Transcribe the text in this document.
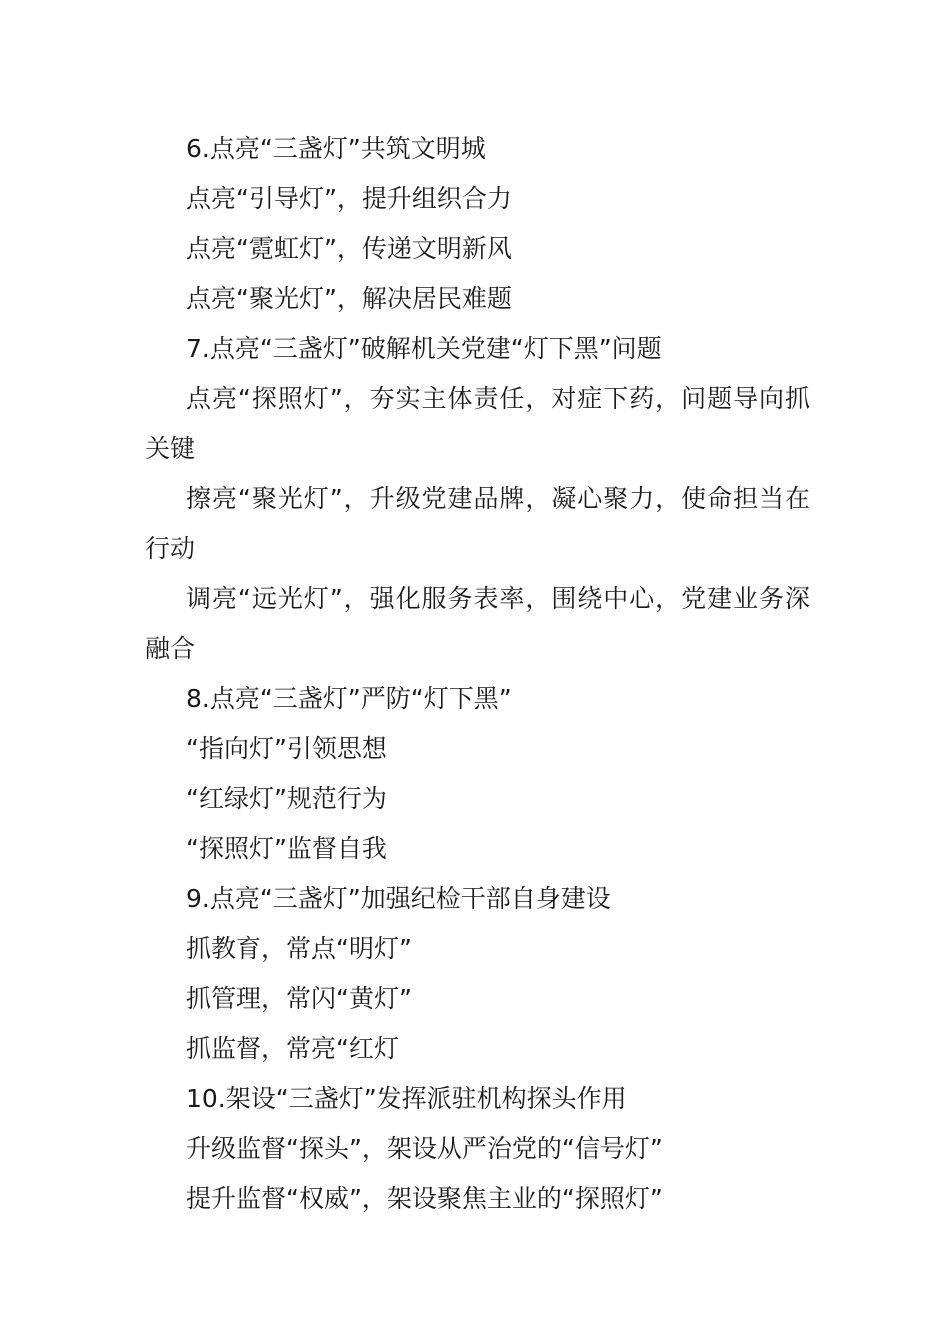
6.点亮“三盏灯”共筑文明城

点亮“引导灯”，提升组织合力

点亮“霓虹灯”，传递文明新风

点亮“聚光灯”，解决居民难题

7.点亮“三盏灯”破解机关党建“灯下黑”问题

点亮“探照灯”，夯实主体责任，对症下药，问题导向抓关键

擦亮“聚光灯”，升级党建品牌，凝心聚力，使命担当在行动

调亮“远光灯”，强化服务表率，围绕中心，党建业务深融合

8.点亮“三盏灯”严防“灯下黑”

“指向灯”引领思想

“红绿灯”规范行为

“探照灯”监督自我

9.点亮“三盏灯”加强纪检干部自身建设

抓教育，常点“明灯”

抓管理，常闪“黄灯”

抓监督，常亮“红灯

10.架设“三盏灯”发挥派驻机构探头作用

升级监督“探头”，架设从严治党的“信号灯”

提升监督“权威”，架设聚焦主业的“探照灯”
